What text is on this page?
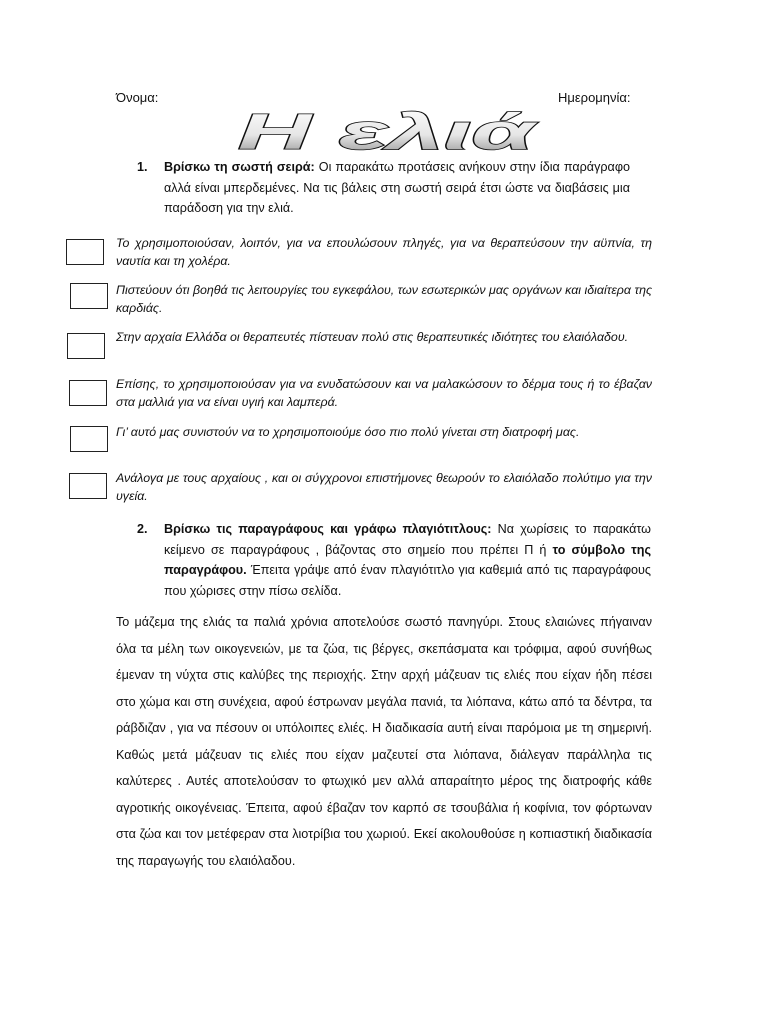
Όνομα:	Ημερομηνία:
Η ελιά
1. Βρίσκω τη σωστή σειρά: Οι παρακάτω προτάσεις ανήκουν στην ίδια παράγραφο αλλά είναι μπερδεμένες. Να τις βάλεις στη σωστή σειρά έτσι ώστε να διαβάσεις μια παράδοση για την ελιά.
Το χρησιμοποιούσαν, λοιπόν, για να επουλώσουν πληγές, για να θεραπεύσουν την αϋπνία, τη ναυτία και τη χολέρα.
Πιστεύουν ότι βοηθά τις λειτουργίες του εγκεφάλου, των εσωτερικών μας οργάνων και ιδιαίτερα της καρδιάς.
Στην αρχαία Ελλάδα οι θεραπευτές πίστευαν πολύ στις θεραπευτικές ιδιότητες του ελαιόλαδου.
Επίσης, το χρησιμοποιούσαν για να ενυδατώσουν και να μαλακώσουν το δέρμα τους ή το έβαζαν στα μαλλιά για να είναι υγιή και λαμπερά.
Γι’ αυτό μας συνιστούν να το χρησιμοποιούμε όσο πιο πολύ γίνεται στη διατροφή μας.
Ανάλογα με τους αρχαίους , και οι σύγχρονοι επιστήμονες θεωρούν το ελαιόλαδο πολύτιμο για την υγεία.
2. Βρίσκω τις παραγράφους και γράφω πλαγιότιτλους: Να χωρίσεις το παρακάτω κείμενο σε παραγράφους , βάζοντας στο σημείο που πρέπει Π ή το σύμβολο της παραγράφου. Έπειτα γράψε από έναν πλαγιότιτλο για καθεμιά από τις παραγράφους που χώρισες στην πίσω σελίδα.

Το μάζεμα της ελιάς τα παλιά χρόνια αποτελούσε σωστό πανηγύρι. Στους ελαιώνες πήγαιναν όλα τα μέλη των οικογενειών, με τα ζώα, τις βέργες, σκεπάσματα και τρόφιμα, αφού συνήθως έμεναν τη νύχτα στις καλύβες της περιοχής. Στην αρχή μάζευαν τις ελιές που είχαν ήδη πέσει στο χώμα και στη συνέχεια, αφού έστρωναν μεγάλα πανιά, τα λιόπανα, κάτω από τα δέντρα, τα ράβδιζαν , για να πέσουν οι υπόλοιπες ελιές. Η διαδικασία αυτή είναι παρόμοια με τη σημερινή. Καθώς μετά μάζευαν τις ελιές που είχαν μαζευτεί στα λιόπανα, διάλεγαν παράλληλα τις καλύτερες . Αυτές αποτελούσαν το φτωχικό μεν αλλά απαραίτητο μέρος της διατροφής κάθε αγροτικής οικογένειας. Έπειτα, αφού έβαζαν τον καρπό σε τσουβάλια ή κοφίνια, τον φόρτωναν στα ζώα και τον μετέφεραν στα λιοτρίβια του χωριού. Εκεί ακολουθούσε η κοπιαστική διαδικασία της παραγωγής του ελαιόλαδου.
